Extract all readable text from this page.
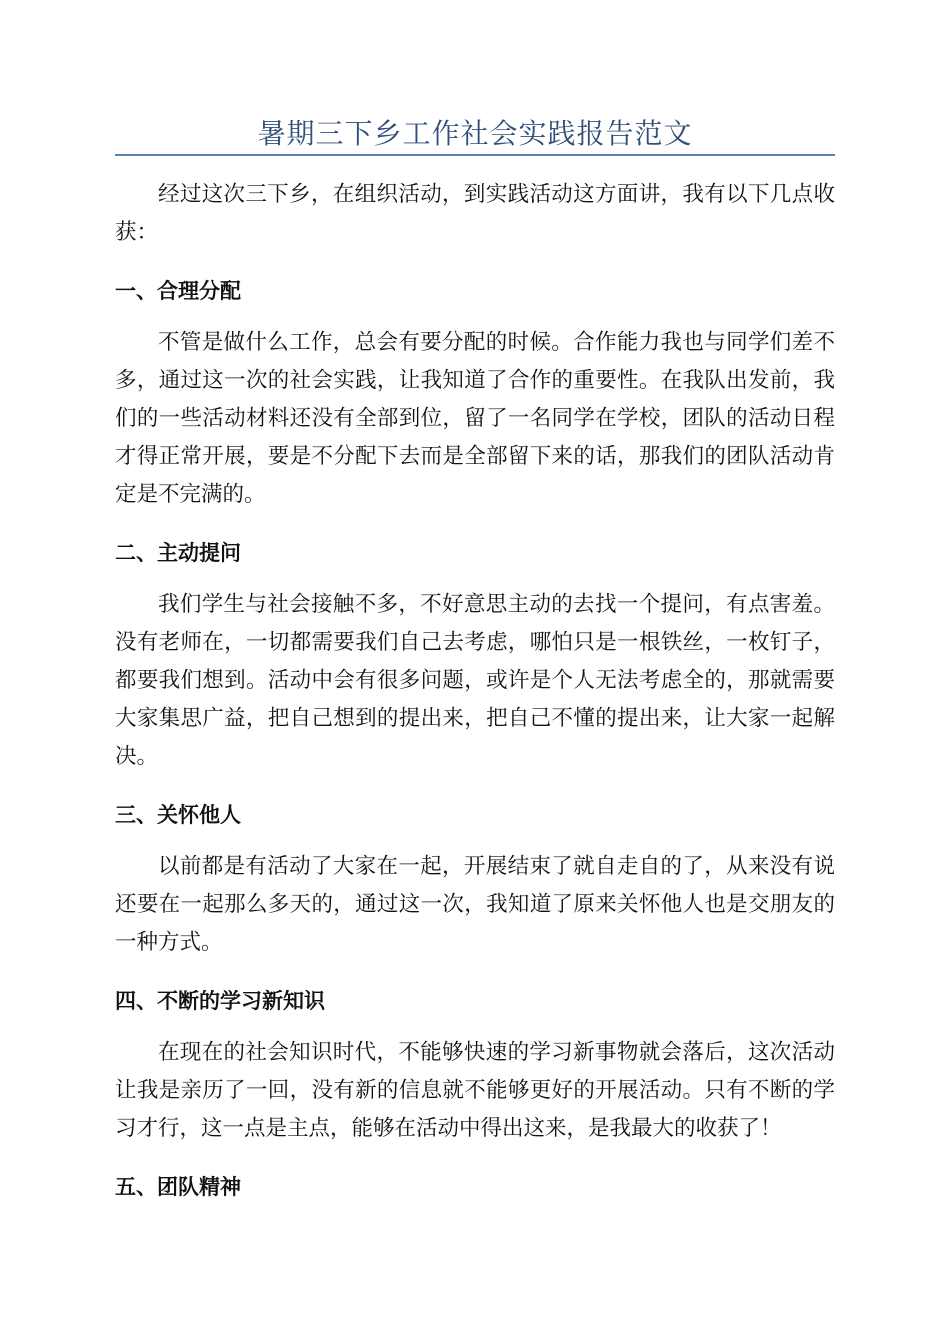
暑期三下乡工作社会实践报告范文

经过这次三下乡，在组织活动，到实践活动这方面讲，我有以下几点收获：

一、合理分配

不管是做什么工作，总会有要分配的时候。合作能力我也与同学们差不多，通过这一次的社会实践，让我知道了合作的重要性。在我队出发前，我们的一些活动材料还没有全部到位，留了一名同学在学校，团队的活动日程才得正常开展，要是不分配下去而是全部留下来的话，那我们的团队活动肯定是不完满的。

二、主动提问

我们学生与社会接触不多，不好意思主动的去找一个提问，有点害羞。没有老师在，一切都需要我们自己去考虑，哪怕只是一根铁丝，一枚钉子，都要我们想到。活动中会有很多问题，或许是个人无法考虑全的，那就需要大家集思广益，把自己想到的提出来，把自己不懂的提出来，让大家一起解决。

三、关怀他人

以前都是有活动了大家在一起，开展结束了就自走自的了，从来没有说还要在一起那么多天的，通过这一次，我知道了原来关怀他人也是交朋友的一种方式。

四、不断的学习新知识

在现在的社会知识时代，不能够快速的学习新事物就会落后，这次活动让我是亲历了一回，没有新的信息就不能够更好的开展活动。只有不断的学习才行，这一点是主点，能够在活动中得出这来，是我最大的收获了！

五、团队精神
